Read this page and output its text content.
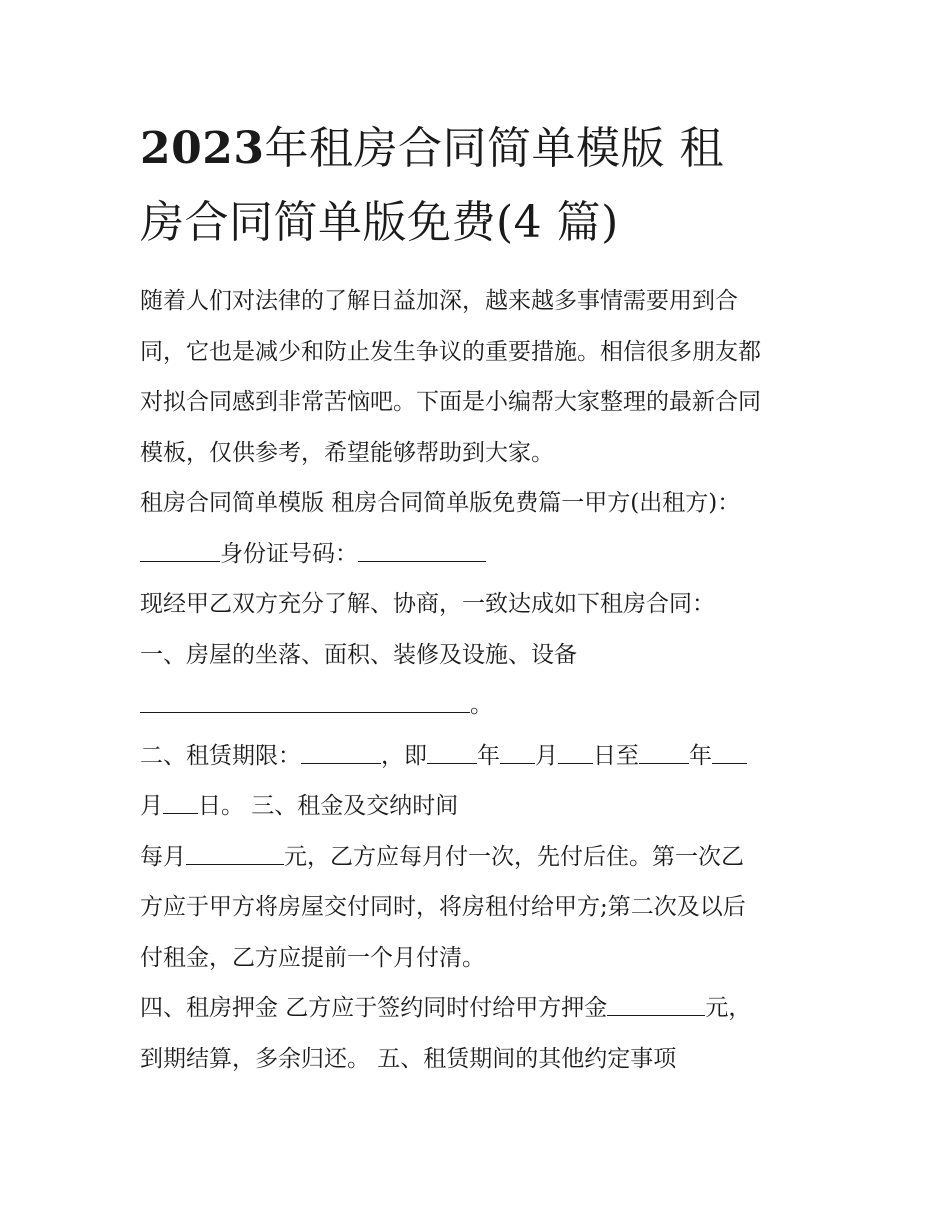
2023年租房合同简单模版 租
房合同简单版免费(4 篇)

随着人们对法律的了解日益加深，越来越多事情需要用到合
同，它也是减少和防止发生争议的重要措施。相信很多朋友都
对拟合同感到非常苦恼吧。下面是小编帮大家整理的最新合同
模板，仅供参考，希望能够帮助到大家。

租房合同简单模版 租房合同简单版免费篇一甲方(出租方)：
身份证号码：

现经甲乙双方充分了解、协商，一致达成如下租房合同：

一、房屋的坐落、面积、装修及设施、设备
。

二、租赁期限：	，即 年 月 日至 年
月 日。 三、租金及交纳时间

每月	元，乙方应每月付一次，先付后住。第一次乙
方应于甲方将房屋交付同时，将房租付给甲方;第二次及以后
付租金，乙方应提前一个月付清。

四、租房押金 乙方应于签约同时付给甲方押金	元，
到期结算，多余归还。 五、租赁期间的其他约定事项
